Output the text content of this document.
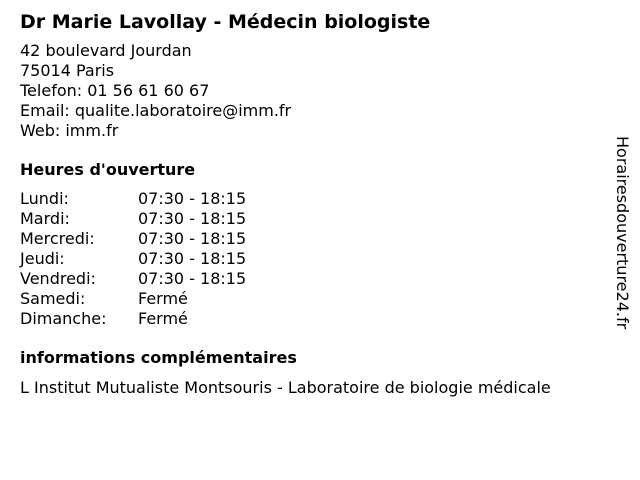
Dr Marie Lavollay - Médecin biologiste
42 boulevard Jourdan
75014 Paris
Telefon: 01 56 61 60 67
Email: qualite.laboratoire@imm.fr
Web: imm.fr
Heures d'ouverture
Lundi:	07:30 - 18:15
Mardi:	07:30 - 18:15
Mercredi:	07:30 - 18:15
Jeudi:	07:30 - 18:15
Vendredi:	07:30 - 18:15
Samedi:	Fermé
Dimanche:	Fermé
informations complémentaires
L Institut Mutualiste Montsouris - Laboratoire de biologie médicale
Horairesdouverture24.fr
